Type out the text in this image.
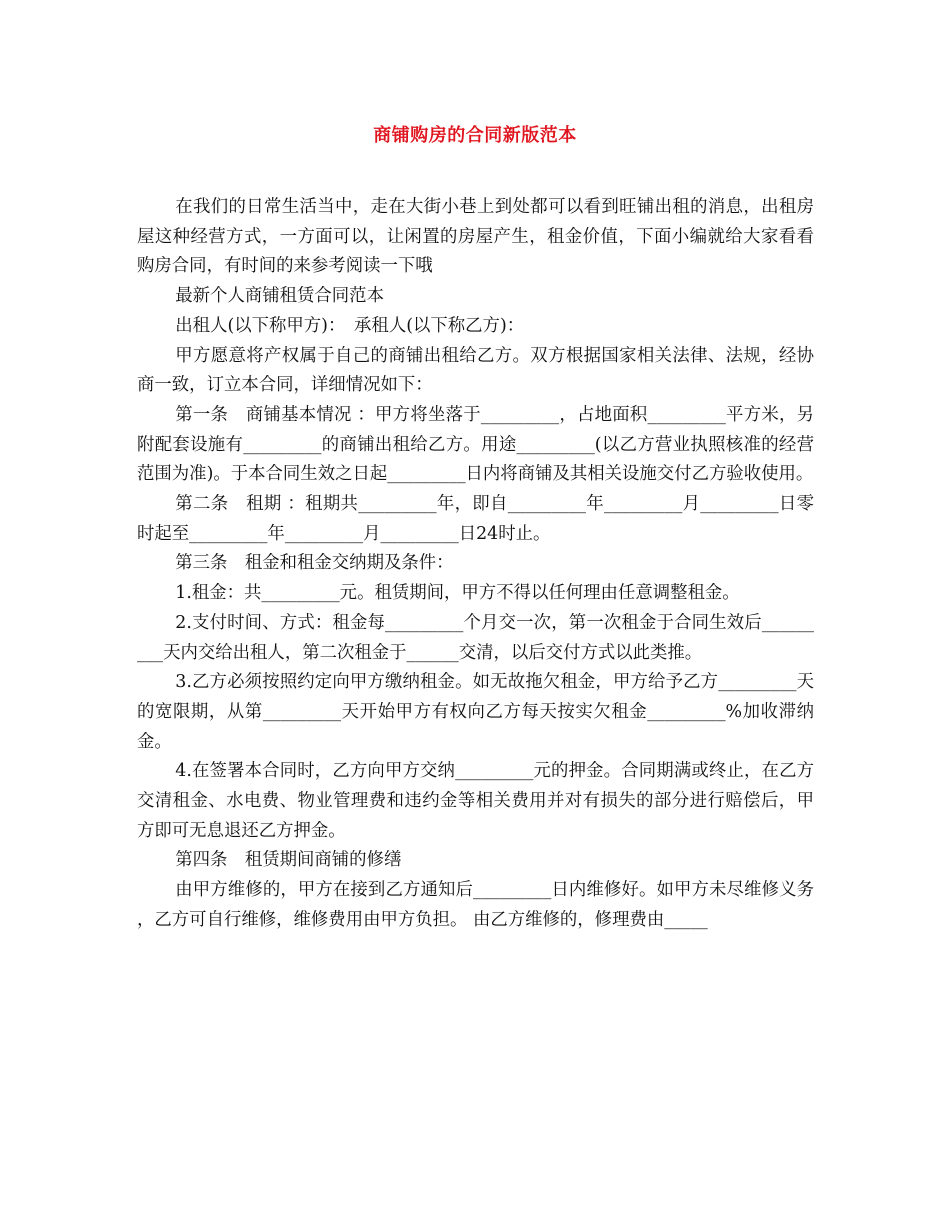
商铺购房的合同新版范本

在我们的日常生活当中，走在大街小巷上到处都可以看到旺铺出租的消息，出租房屋这种经营方式，一方面可以，让闲置的房屋产生，租金价值，下面小编就给大家看看购房合同，有时间的来参考阅读一下哦

最新个人商铺租赁合同范本

出租人(以下称甲方)：　承租人(以下称乙方)：

甲方愿意将产权属于自己的商铺出租给乙方。双方根据国家相关法律、法规，经协商一致，订立本合同，详细情况如下：

第一条　商铺基本情况 ：甲方将坐落于_________，占地面积_________平方米，另附配套设施有_________的商铺出租给乙方。用途_________(以乙方营业执照核准的经营范围为准)。于本合同生效之日起_________日内将商铺及其相关设施交付乙方验收使用。

第二条　租期 ：租期共_________年，即自_________年_________月_________日零时起至_________年_________月_________日24时止。

第三条　租金和租金交纳期及条件：

1.租金：共_________元。租赁期间，甲方不得以任何理由任意调整租金。

2.支付时间、方式：租金每_________个月交一次，第一次租金于合同生效后_________天内交给出租人，第二次租金于______交清，以后交付方式以此类推。

3.乙方必须按照约定向甲方缴纳租金。如无故拖欠租金，甲方给予乙方_________天的宽限期，从第_________天开始甲方有权向乙方每天按实欠租金_________%加收滞纳金。

4.在签署本合同时，乙方向甲方交纳_________元的押金。合同期满或终止，在乙方交清租金、水电费、物业管理费和违约金等相关费用并对有损失的部分进行赔偿后，甲方即可无息退还乙方押金。

第四条　租赁期间商铺的修缮

由甲方维修的，甲方在接到乙方通知后_________日内维修好。如甲方未尽维修义务，乙方可自行维修，维修费用由甲方负担。 由乙方维修的，修理费由_____
